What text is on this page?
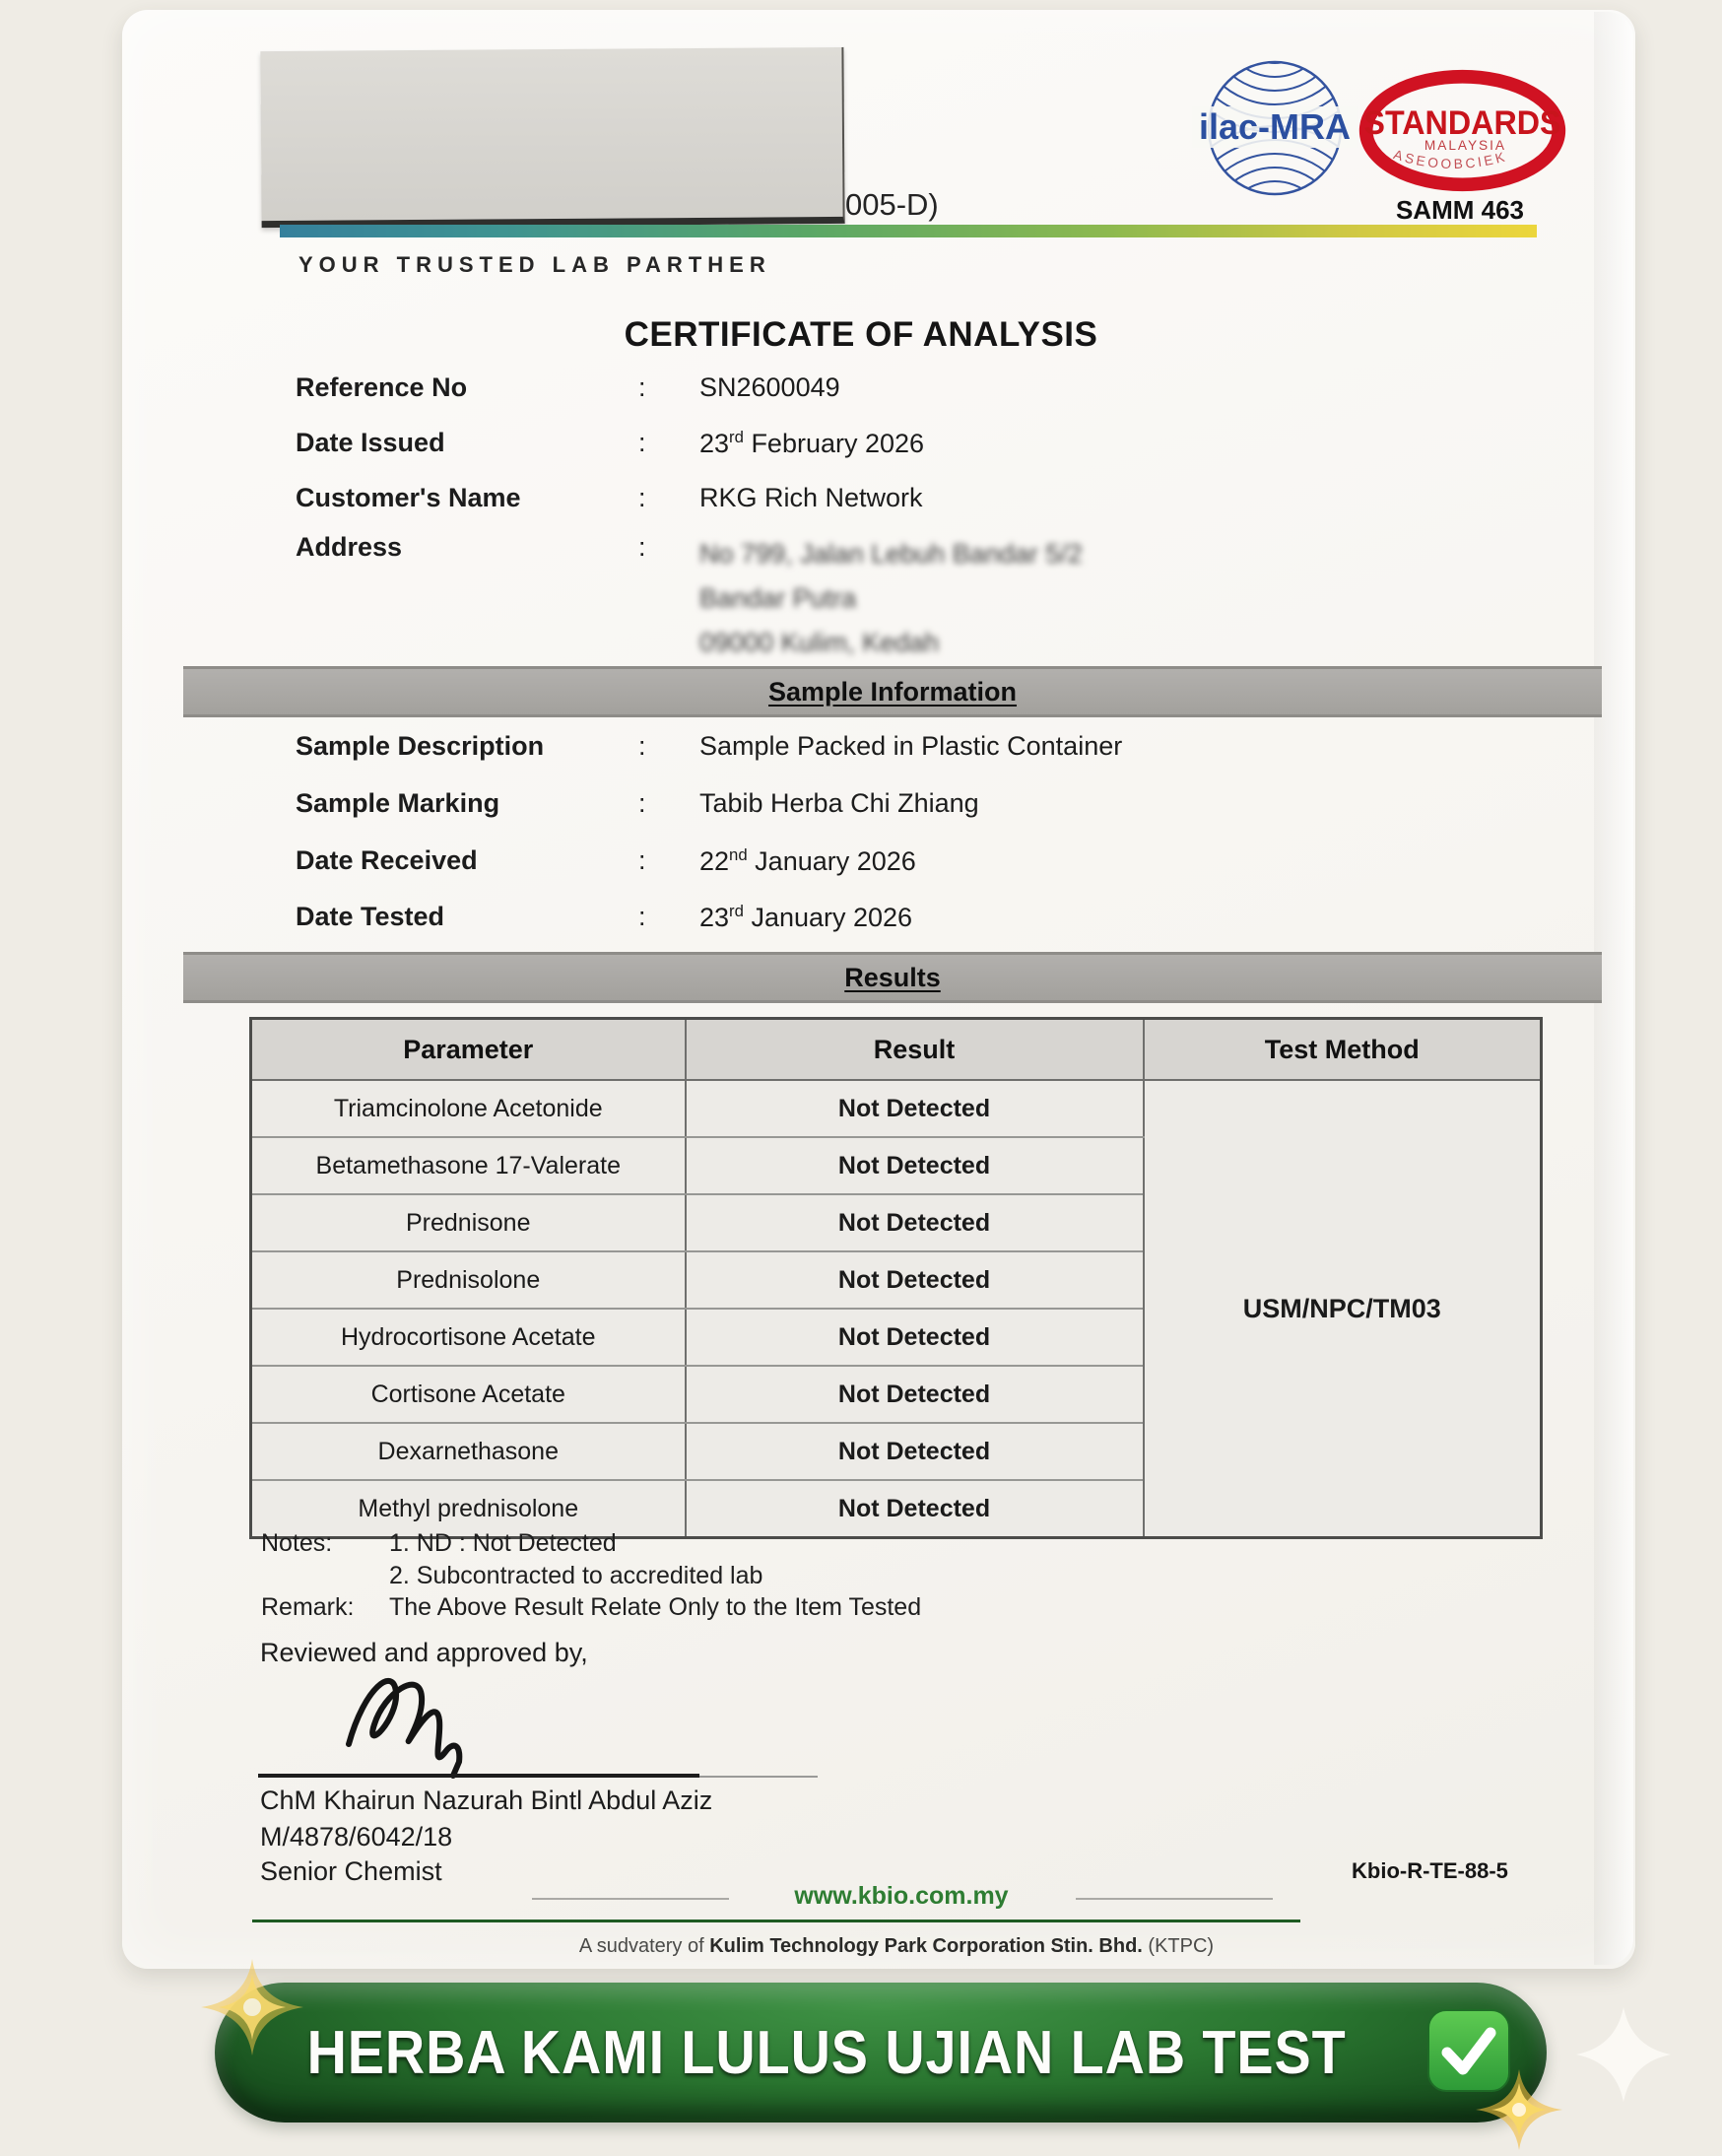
005-D)
YOUR TRUSTED LAB PARTHER
ilac-MRA STANDARDS
MALAYSIA
ASEOOBCIEK
SAMM 463
CERTIFICATE OF ANALYSIS
Reference No	: SN2600049
Date Issued	: 23rd February 2026
Customer's Name	: RKG Rich Network
Address	: No 799, Jalan Lebuh Bandar 5/2
Bandar Putra
09000 Kulim, Kedah
Sample Information
Sample Description	: Sample Packed in Plastic Container
Sample Marking	: Tabib Herba Chi Zhiang
Date Received	: 22nd January 2026
Date Tested	: 23rd January 2026
Results
Parameter	Result	Test Method
Triamcinolone Acetonide	Not Detected	USM/NPC/TM03
Betamethasone 17-Valerate	Not Detected	
Prednisone	Not Detected	
Prednisolone	Not Detected	
Hydrocortisone Acetate	Not Detected	
Cortisone Acetate	Not Detected	
Dexarnethasone	Not Detected	
Methyl prednisolone	Not Detected	
Notes: 1. ND : Not Detected
2. Subcontracted to accredited lab
Remark: The Above Result Relate Only to the Item Tested
Reviewed and approved by,
ChM Khairun Nazurah Bintl Abdul Aziz
M/4878/6042/18
Senior Chemist	Kbio-R-TE-88-5
www.kbio.com.my
A sudvatery of Kulim Technology Park Corporation Stin. Bhd. (KTPC)
HERBA KAMI LULUS UJIAN LAB TEST
